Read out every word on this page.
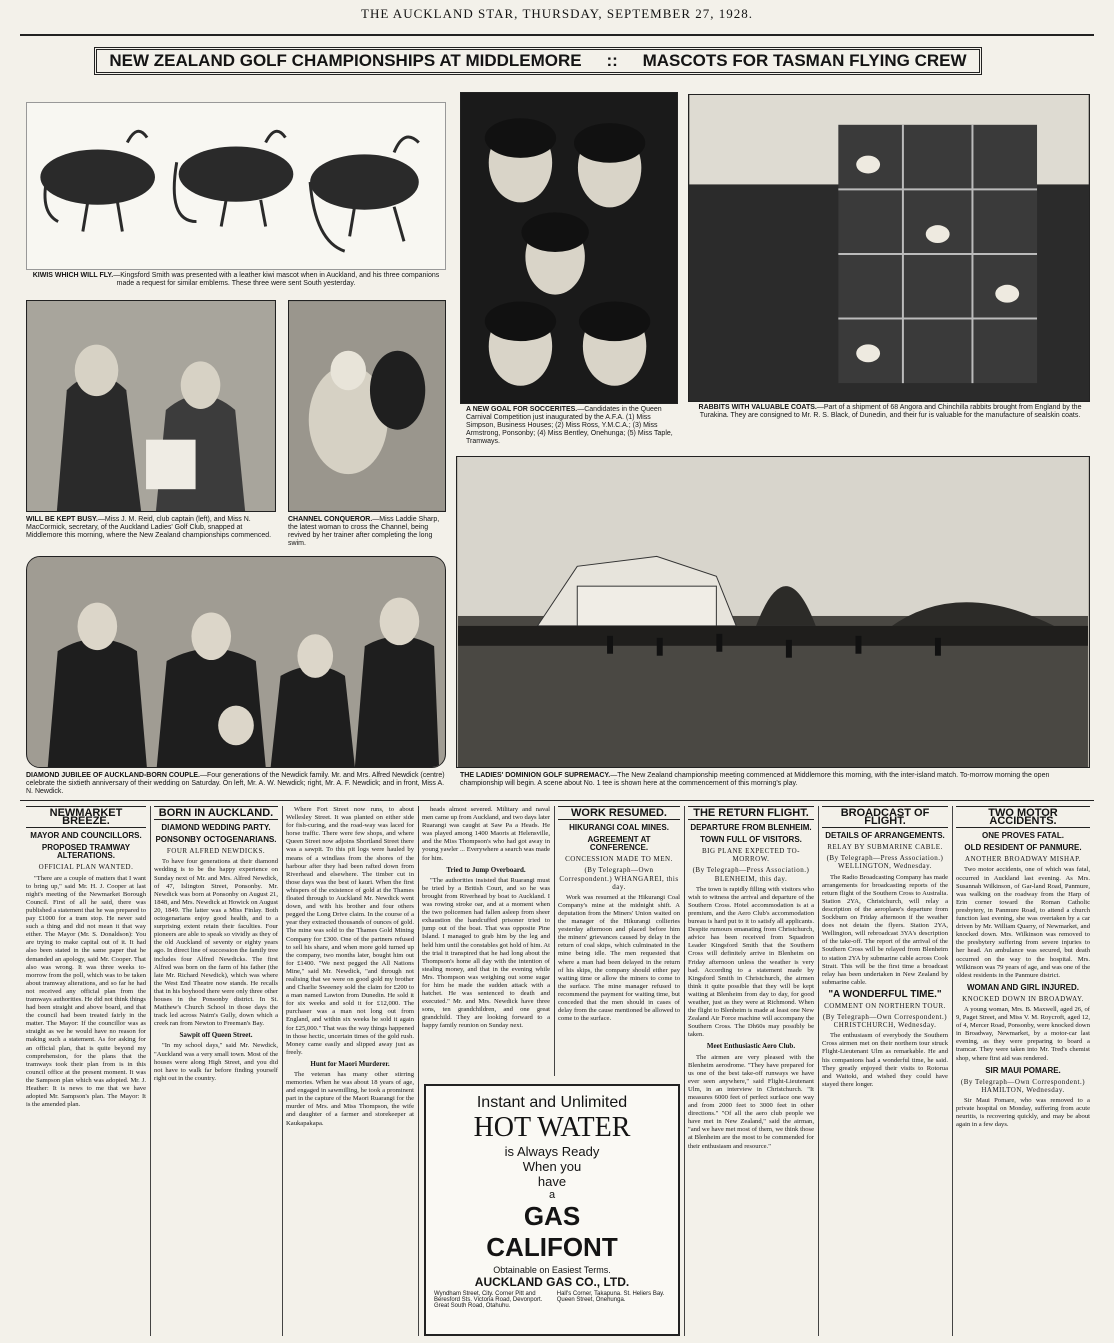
THE AUCKLAND STAR, THURSDAY, SEPTEMBER 27, 1928.
NEW ZEALAND GOLF CHAMPIONSHIPS AT MIDDLEMORE :: MASCOTS FOR TASMAN FLYING CREW
KIWIS WHICH WILL FLY.—Kingsford Smith was presented with a leather kiwi mascot when in Auckland, and his three companions made a request for similar emblems. These three were sent South yesterday.
A NEW GOAL FOR SOCCERITES.—Candidates in the Queen Carnival Competition just inaugurated by the A.F.A. (1) Miss Simpson, Business Houses; (2) Miss Ross, Y.M.C.A.; (3) Miss Armstrong, Ponsonby; (4) Miss Bentley, Onehunga; (5) Miss Taple, Tramways.
RABBITS WITH VALUABLE COATS.—Part of a shipment of 68 Angora and Chinchilla rabbits brought from England by the Turakina. They are consigned to Mr. R. S. Black, of Dunedin, and their fur is valuable for the manufacture of sealskin coats.
WILL BE KEPT BUSY.—Miss J. M. Reid, club captain (left), and Miss N. MacCormick, secretary, of the Auckland Ladies' Golf Club, snapped at Middlemore this morning, where the New Zealand championships commenced.
CHANNEL CONQUEROR.—Miss Laddie Sharp, the latest woman to cross the Channel, being revived by her trainer after completing the long swim.
DIAMOND JUBILEE OF AUCKLAND-BORN COUPLE.—Four generations of the Newdick family. Mr. and Mrs. Alfred Newdick (centre) celebrate the sixtieth anniversary of their wedding on Saturday. On left, Mr. A. W. Newdick; right, Mr. A. F. Newdick; and in front, Miss A. N. Newdick.
THE LADIES' DOMINION GOLF SUPREMACY.—The New Zealand championship meeting commenced at Middlemore this morning, with the inter-island match. To-morrow morning the open championship will begin. A scene about No. 1 tee is shown here at the commencement of this morning's play.
NEWMARKET BREEZE.
MAYOR AND COUNCILLORS.
PROPOSED TRAMWAY ALTERATIONS.
OFFICIAL PLAN WANTED.

"There are a couple of matters that I want to bring up," said Mr. H. J. Cooper at last night's meeting of the Newmarket Borough Council. First of all he said, there was published a statement that he was prepared to pay £1000 for a tram stop. He never said such a thing and did not mean it that way either. The Mayor (Mr. S. Donaldson): You are trying to make capital out of it. It had also been stated in the same paper that he demanded an apology, said Mr. Cooper. That also was wrong. It was three weeks to-morrow from the poll, which was to be taken about tramway alterations, and so far he had not received any official plan from the tramways authorities. He did not think things had been straight and above board, and that the council had been treated fairly in the matter. The Mayor: If the councillor was as straight as we he would have no reason for making such a statement. As for asking for an official plan, that is quite beyond my comprehension, for the plans that the tramways took their plan from is in this council office at the present moment. It was the Sampson plan which was adopted. Mr. J. Heather: It is news to me that we have adopted Mr. Sampson's plan. The Mayor: It is the amended plan.

BORN IN AUCKLAND.
DIAMOND WEDDING PARTY.
PONSONBY OCTOGENARIANS.
FOUR ALFRED NEWDICKS.

To have four generations at their diamond wedding is to be the happy experience on Sunday next of Mr. and Mrs. Alfred Newdick, of 47, Islington Street, Ponsonby. Mr. Newdick was born at Ponsonby on August 21, 1848, and Mrs. Newdick at Howick on August 20, 1849. The latter was a Miss Finlay. Both octogenarians enjoy good health, and to a surprising extent retain their faculties. Four pioneers are able to speak so vividly as they of the old Auckland of seventy or eighty years ago. In direct line of succession the family tree includes four Alfred Newdicks. The first Alfred was born on the farm of his father (the late Mr. Richard Newdick), which was where the West End Theatre now stands. He recalls that in his boyhood there were only three other houses in the Ponsonby district. In St. Matthew's Church School in those days the track led across Nairn's Gully, down which a creek ran from Newton to Freeman's Bay.

Sawpit off Queen Street.

"In my school days," said Mr. Newdick, "Auckland was a very small town. Most of the houses were along High Street, and you did not have to walk far before finding yourself right out in the country.

Where Fort Street now runs, to about Wellesley Street. It was planted on either side for fish-curing, and the road-way was laced for horse traffic. There were few shops, and where Queen Street now adjoins Shortland Street there was a sawpit. To this pit logs were hauled by means of a windlass from the shores of the harbour after they had been rafted down from Riverhead and elsewhere. The timber cut in those days was the best of kauri. When the first whispers of the existence of gold at the Thames floated through to Auckland Mr. Newdick went down, and with his brother and four others pegged the Long Drive claim. In the course of a year they extracted thousands of ounces of gold. The mine was sold to the Thames Gold Mining Company for £300. One of the partners refused to sell his share, and when more gold turned up the company, two months later, bought him out for £1400. "We next pegged the All Nations Mine," said Mr. Newdick, "and through not realising that we were on good gold my brother and Charlie Sweeney sold the claim for £200 to a man named Lawton from Dunedin. He sold it for six weeks and sold it for £12,000. The purchaser was a man not long out from England, and within six weeks he sold it again for £25,000." That was the way things happened in those hectic, uncertain times of the gold rush. Money came easily and slipped away just as freely.

Hunt for Maori Murderer.

The veteran has many other stirring memories. When he was about 18 years of age, and engaged in sawmilling, he took a prominent part in the capture of the Maori Ruarangi for the murder of Mrs. and Miss Thompson, the wife and daughter of a farmer and storekeeper at Kaukapakapa.

heads almost severed. Military and naval men came up from Auckland, and two days later Ruarangi was caught at Saw Pa a Heads. He was played among 1400 Maoris at Helensville, and the Miss Thompson's who had got away in young yawler ... Everywhere a search was made for him.

Tried to Jump Overboard.

"The authorities insisted that Ruarangi must be tried by a British Court, and so he was brought from Riverhead by boat to Auckland. I was rowing stroke oar, and at a moment when the two policemen had fallen asleep from sheer exhaustion the handcuffed prisoner tried to jump out of the boat. That was opposite Pine Island. I managed to grab him by the leg and held him until the constables got hold of him. At the trial it transpired that he had long about the Thompson's home all day with the intention of stealing money, and that in the evening while Mrs. Thompson was weighing out some sugar for him he made the sudden attack with a hatchet. He was sentenced to death and executed." Mr. and Mrs. Newdick have three sons, ten grandchildren, and one great grandchild. They are looking forward to a happy family reunion on Sunday next.

WORK RESUMED.
HIKURANGI COAL MINES.
AGREEMENT AT CONFERENCE.
CONCESSION MADE TO MEN.
(By Telegraph—Own Correspondent.) WHANGAREI, this day.

Work was resumed at the Hikurangi Coal Company's mine at the midnight shift. A deputation from the Miners' Union waited on the manager of the Hikurangi collieries yesterday afternoon and placed before him the miners' grievances caused by delay in the return of coal skips, which culminated in the mine being idle. The men requested that where a man had been delayed in the return of his skips, the company should either pay waiting time or allow the miners to come to the surface. The mine manager refused to recommend the payment for waiting time, but conceded that the men should in cases of delay from the cause mentioned be allowed to come to the surface.

Instant and Unlimited
HOT WATER
is Always Ready
When you
have
a
GAS
CALIFONT
Obtainable on Easiest Terms.
AUCKLAND GAS CO., LTD.
Wyndham Street, City. Corner Pitt and Beresford Sts. Victoria Road, Devonport. Great South Road, Otahuhu.
Hall's Corner, Takapuna. St. Heliers Bay. Queen Street, Onehunga.
THE RETURN FLIGHT.
DEPARTURE FROM BLENHEIM.
TOWN FULL OF VISITORS.
BIG PLANE EXPECTED TO-MORROW.
(By Telegraph—Press Association.) BLENHEIM, this day.

The town is rapidly filling with visitors who wish to witness the arrival and departure of the Southern Cross. Hotel accommodation is at a premium, and the Aero Club's accommodation bureau is hard put to it to satisfy all applicants. Despite rumours emanating from Christchurch, advice has been received from Squadron Leader Kingsford Smith that the Southern Cross will definitely arrive in Blenheim on Friday afternoon unless the weather is very bad. According to a statement made by Kingsford Smith in Christchurch, the airmen think it quite possible that they will be kept waiting at Blenheim from day to day, for good weather, just as they were at Richmond. When the flight to Blenheim is made at least one New Zealand Air Force machine will accompany the Southern Cross. The Dh60s may possibly be taken.

Meet Enthusiastic Aero Club.

The airmen are very pleased with the Blenheim aerodrome. "They have prepared for us one of the best take-off runways we have ever seen anywhere," said Flight-Lieutenant Ulm, in an interview in Christchurch. "It measures 6000 feet of perfect surface one way and from 2000 feet to 3000 feet in other directions." "Of all the aero club people we have met in New Zealand," said the airman, "and we have met most of them, we think those at Blenheim are the most to be commended for their enthusiasm and resource."

BROADCAST OF FLIGHT.
DETAILS OF ARRANGEMENTS.
RELAY BY SUBMARINE CABLE.
(By Telegraph—Press Association.) WELLINGTON, Wednesday.

The Radio Broadcasting Company has made arrangements for broadcasting reports of the return flight of the Southern Cross to Australia. Station 2YA, Christchurch, will relay a description of the aeroplane's departure from Sockburn on Friday afternoon if the weather does not detain the flyers. Station 2YA, Wellington, will rebroadcast 3YA's description of the take-off. The report of the arrival of the Southern Cross will be relayed from Blenheim to station 2YA by submarine cable across Cook Strait. This will be the first time a broadcast relay has been undertaken in New Zealand by submarine cable.

"A WONDERFUL TIME."
COMMENT ON NORTHERN TOUR.
(By Telegraph—Own Correspondent.) CHRISTCHURCH, Wednesday.

The enthusiasm of everybody the Southern Cross airmen met on their northern tour struck Flight-Lieutenant Ulm as remarkable. He and his companions had a wonderful time, he said. They greatly enjoyed their visits to Rotorua and Waitoki, and wished they could have stayed there longer.

TWO MOTOR ACCIDENTS.
ONE PROVES FATAL.
OLD RESIDENT OF PANMURE.
ANOTHER BROADWAY MISHAP.

Two motor accidents, one of which was fatal, occurred in Auckland last evening. As Mrs. Susannah Wilkinson, of Gar-land Road, Panmure, was walking on the roadway from the Harp of Erin corner toward the Roman Catholic presbytery, in Panmure Road, to attend a church function last evening, she was overtaken by a car driven by Mr. William Quarry, of Newmarket, and knocked down. Mrs. Wilkinson was removed to the presbytery suffering from severe injuries to her head. An ambulance was secured, but death occurred on the way to the hospital. Mrs. Wilkinson was 79 years of age, and was one of the oldest residents in the Panmure district.

WOMAN AND GIRL INJURED.
KNOCKED DOWN IN BROADWAY.

A young woman, Mrs. B. Maxwell, aged 26, of 9, Paget Street, and Miss V. M. Roycroft, aged 12, of 4, Mercer Road, Ponsonby, were knocked down in Broadway, Newmarket, by a motor-car last evening, as they were preparing to board a tramcar. They were taken into Mr. Tred's chemist shop, where first aid was rendered.

SIR MAUI POMARE.
(By Telegraph—Own Correspondent.) HAMILTON, Wednesday.

Sir Maui Pomare, who was removed to a private hospital on Monday, suffering from acute neuritis, is recovering quickly, and may be about again in a few days.
